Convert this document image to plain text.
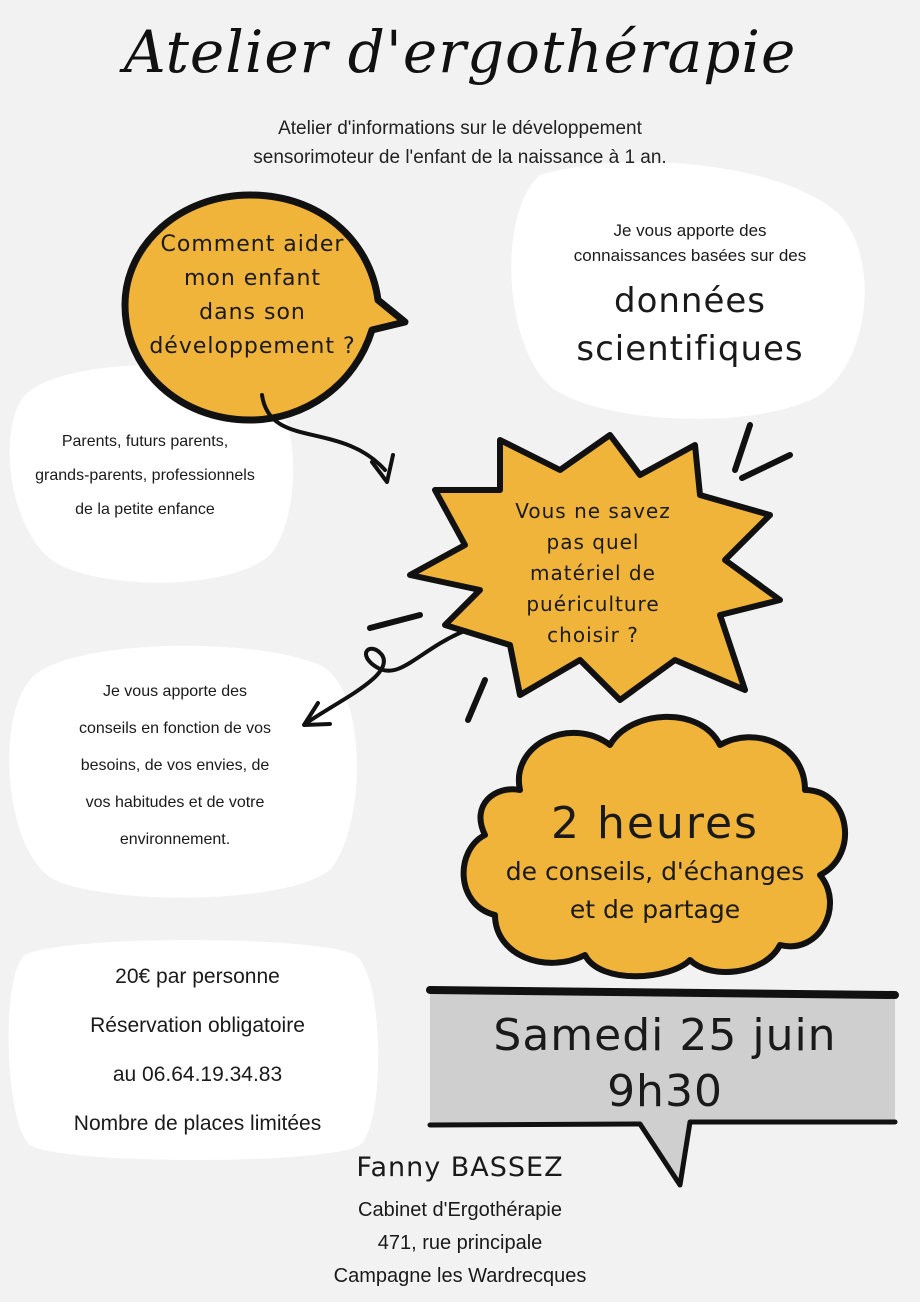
Atelier d'ergothérapie
Atelier d'informations sur le développement
sensorimoteur de l'enfant de la naissance à 1 an.
Comment aider
mon enfant
dans son
développement ?
Je vous apporte des
connaissances basées sur des
données
scientifiques
Parents, futurs parents,
grands-parents, professionnels
de la petite enfance	Vous ne savez
pas quel
matériel de
puériculture
choisir ?
Je vous apporte des
conseils en fonction de vos
besoins, de vos envies, de
vos habitudes et de votre
environnement.	2 heures
de conseils, d'échanges
et de partage
20€ par personne
Réservation obligatoire
au 06.64.19.34.83
Nombre de places limitées
Samedi 25 juin
9h30
Fanny BASSEZ
Cabinet d'Ergothérapie
471, rue principale
Campagne les Wardrecques
